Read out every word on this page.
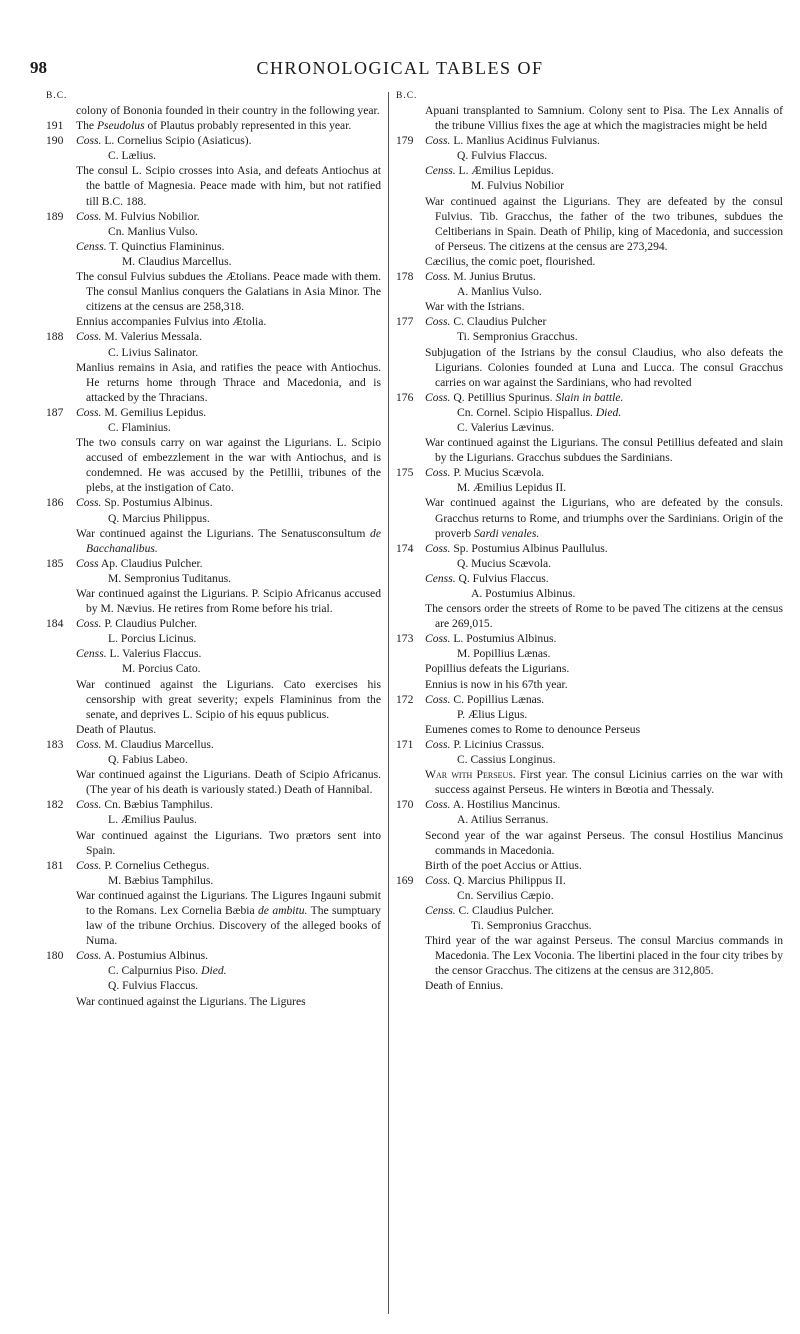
98	CHRONOLOGICAL TABLES OF
B.C.
colony of Bononia founded in their country in the following year.
191	The Pseudolus of Plautus probably represented in this year.
190	Coss. L. Cornelius Scipio (Asiaticus).
C. Lælius.
The consul L. Scipio crosses into Asia, and defeats Antiochus at the battle of Magnesia. Peace made with him, but not ratified till B.C. 188.
189	Coss. M. Fulvius Nobilior.
Cn. Manlius Vulso.
Censs. T. Quinctius Flamininus.
M. Claudius Marcellus.
The consul Fulvius subdues the Ætolians. Peace made with them. The consul Manlius conquers the Galatians in Asia Minor. The citizens at the census are 258,318.
Ennius accompanies Fulvius into Ætolia.
188	Coss. M. Valerius Messala.
C. Livius Salinator.
Manlius remains in Asia, and ratifies the peace with Antiochus. He returns home through Thrace and Macedonia, and is attacked by the Thracians.
187	Coss. M. Gemilius Lepidus.
C. Flaminius.
The two consuls carry on war against the Ligurians. L. Scipio accused of embezzlement in the war with Antiochus, and is condemned. He was accused by the Petillii, tribunes of the plebs, at the instigation of Cato.
186	Coss. Sp. Postumius Albinus.
Q. Marcius Philippus.
War continued against the Ligurians. The Senatusconsultum de Bacchanalibus.
185	Coss Ap. Claudius Pulcher.
M. Sempronius Tuditanus.
War continued against the Ligurians. P. Scipio Africanus accused by M. Nævius. He retires from Rome before his trial.
184	Coss. P. Claudius Pulcher.
L. Porcius Licinus.
Censs. L. Valerius Flaccus.
M. Porcius Cato.
War continued against the Ligurians. Cato exercises his censorship with great severity; expels Flamininus from the senate, and deprives L. Scipio of his equus publicus.
Death of Plautus.
183	Coss. M. Claudius Marcellus.
Q. Fabius Labeo.
War continued against the Ligurians. Death of Scipio Africanus. (The year of his death is variously stated.) Death of Hannibal.
182	Coss. Cn. Bæbius Tamphilus.
L. Æmilius Paulus.
War continued against the Ligurians. Two prætors sent into Spain.
181	Coss. P. Cornelius Cethegus.
M. Bæbius Tamphilus.
War continued against the Ligurians. The Ligures Ingauni submit to the Romans. Lex Cornelia Bæbia de ambitu. The sumptuary law of the tribune Orchius. Discovery of the alleged books of Numa.
180	Coss. A. Postumius Albinus.
C. Calpurnius Piso. Died.
Q. Fulvius Flaccus.
War continued against the Ligurians. The Ligures
B.C.
Apuani transplanted to Samnium. Colony sent to Pisa. The Lex Annalis of the tribune Villius fixes the age at which the magistracies might be held
179	Coss. L. Manlius Acidinus Fulvianus.
Q. Fulvius Flaccus.
Censs. L. Æmilius Lepidus.
M. Fulvius Nobilior
War continued against the Ligurians. They are defeated by the consul Fulvius. Tib. Gracchus, the father of the two tribunes, subdues the Celtiberians in Spain. Death of Philip, king of Macedonia, and succession of Perseus. The citizens at the census are 273,294.
Cæcilius, the comic poet, flourished.
178	Coss. M. Junius Brutus.
A. Manlius Vulso.
War with the Istrians.
177	Coss. C. Claudius Pulcher
Ti. Sempronius Gracchus.
Subjugation of the Istrians by the consul Claudius, who also defeats the Ligurians. Colonies founded at Luna and Lucca. The consul Gracchus carries on war against the Sardinians, who had revolted
176	Coss. Q. Petillius Spurinus. Slain in battle.
Cn. Cornel. Scipio Hispallus. Died.
C. Valerius Lævinus.
War continued against the Ligurians. The consul Petillius defeated and slain by the Ligurians. Gracchus subdues the Sardinians.
175	Coss. P. Mucius Scævola.
M. Æmilius Lepidus II.
War continued against the Ligurians, who are defeated by the consuls. Gracchus returns to Rome, and triumphs over the Sardinians. Origin of the proverb Sardi venales.
174	Coss. Sp. Postumius Albinus Paullulus.
Q. Mucius Scævola.
Censs. Q. Fulvius Flaccus.
A. Postumius Albinus.
The censors order the streets of Rome to be paved The citizens at the census are 269,015.
173	Coss. L. Postumius Albinus.
M. Popillius Lænas.
Popillius defeats the Ligurians.
Ennius is now in his 67th year.
172	Coss. C. Popillius Lænas.
P. Ælius Ligus.
Eumenes comes to Rome to denounce Perseus
171	Coss. P. Licinius Crassus.
C. Cassius Longinus.
War with Perseus. First year. The consul Licinius carries on the war with success against Perseus. He winters in Bœotia and Thessaly.
170	Coss. A. Hostilius Mancinus.
A. Atilius Serranus.
Second year of the war against Perseus. The consul Hostilius Mancinus commands in Macedonia.
Birth of the poet Accius or Attius.
169	Coss. Q. Marcius Philippus II.
Cn. Servilius Cæpio.
Censs. C. Claudius Pulcher.
Ti. Sempronius Gracchus.
Third year of the war against Perseus. The consul Marcius commands in Macedonia. The Lex Voconia. The libertini placed in the four city tribes by the censor Gracchus. The citizens at the census are 312,805.
Death of Ennius.
